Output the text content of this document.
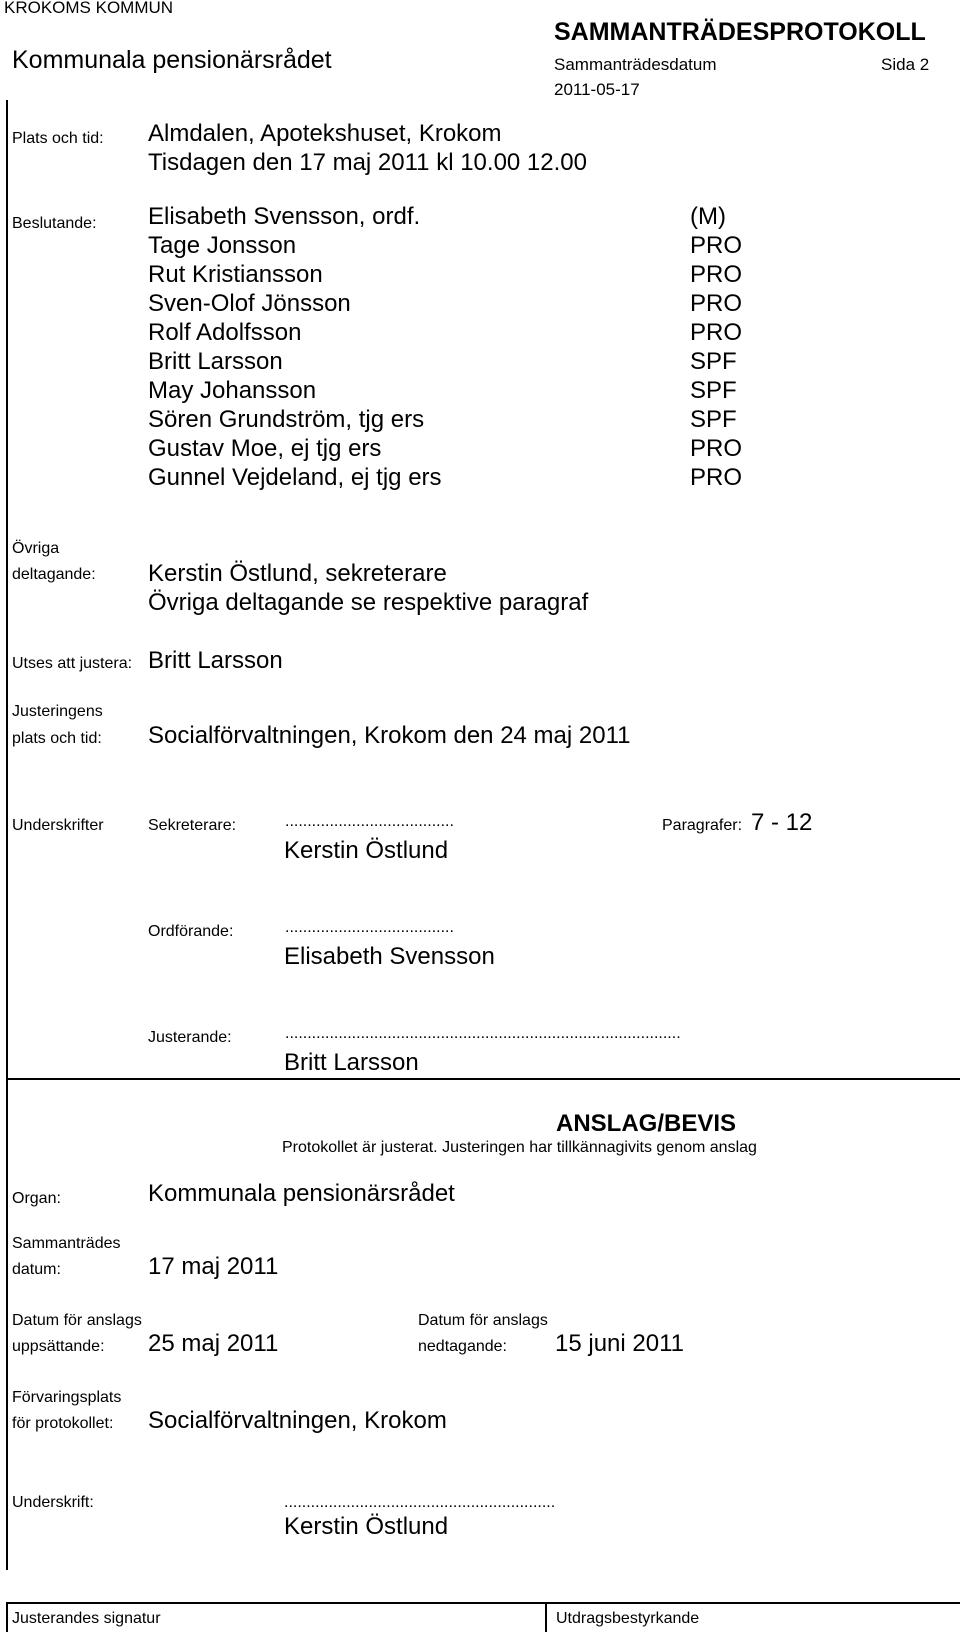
KROKOMS KOMMUN
Kommunala pensionärsrådet
SAMMANTRÄDESPROTOKOLL
Sammanträdesdatum	Sida 2
2011-05-17
Plats och tid: Almdalen, Apotekshuset, Krokom
Tisdagen den 17 maj 2011 kl 10.00 12.00
Beslutande: Elisabeth Svensson, ordf.	(M)
Tage Jonsson	PRO
Rut Kristiansson	PRO
Sven-Olof Jönsson	PRO
Rolf Adolfsson	PRO
Britt Larsson	SPF
May Johansson	SPF
Sören Grundström, tjg ers	SPF
Gustav Moe, ej tjg ers	PRO
Gunnel Vejdeland, ej tjg ers	PRO
Övriga
deltagande: Kerstin Östlund, sekreterare
Övriga deltagande se respektive paragraf
Utses att justera: Britt Larsson
Justeringens
plats och tid: Socialförvaltningen, Krokom den 24 maj 2011
Underskrifter	Sekreterare:	......................................	Paragrafer: 7 - 12
Kerstin Östlund
Ordförande:	......................................
Elisabeth Svensson
Justerande:	.........................................................................................
Britt Larsson
ANSLAG/BEVIS
Protokollet är justerat. Justeringen har tillkännagivits genom anslag
Organ:	Kommunala pensionärsrådet
Sammanträdes
datum:	17 maj 2011
Datum för anslags
uppsättande: 25 maj 2011
Datum för anslags
nedtagande: 15 juni 2011
Förvaringsplats
för protokollet: Socialförvaltningen, Krokom
Underskrift:	.............................................................
Kerstin Östlund
Justerandes signatur	Utdragsbestyrkande
